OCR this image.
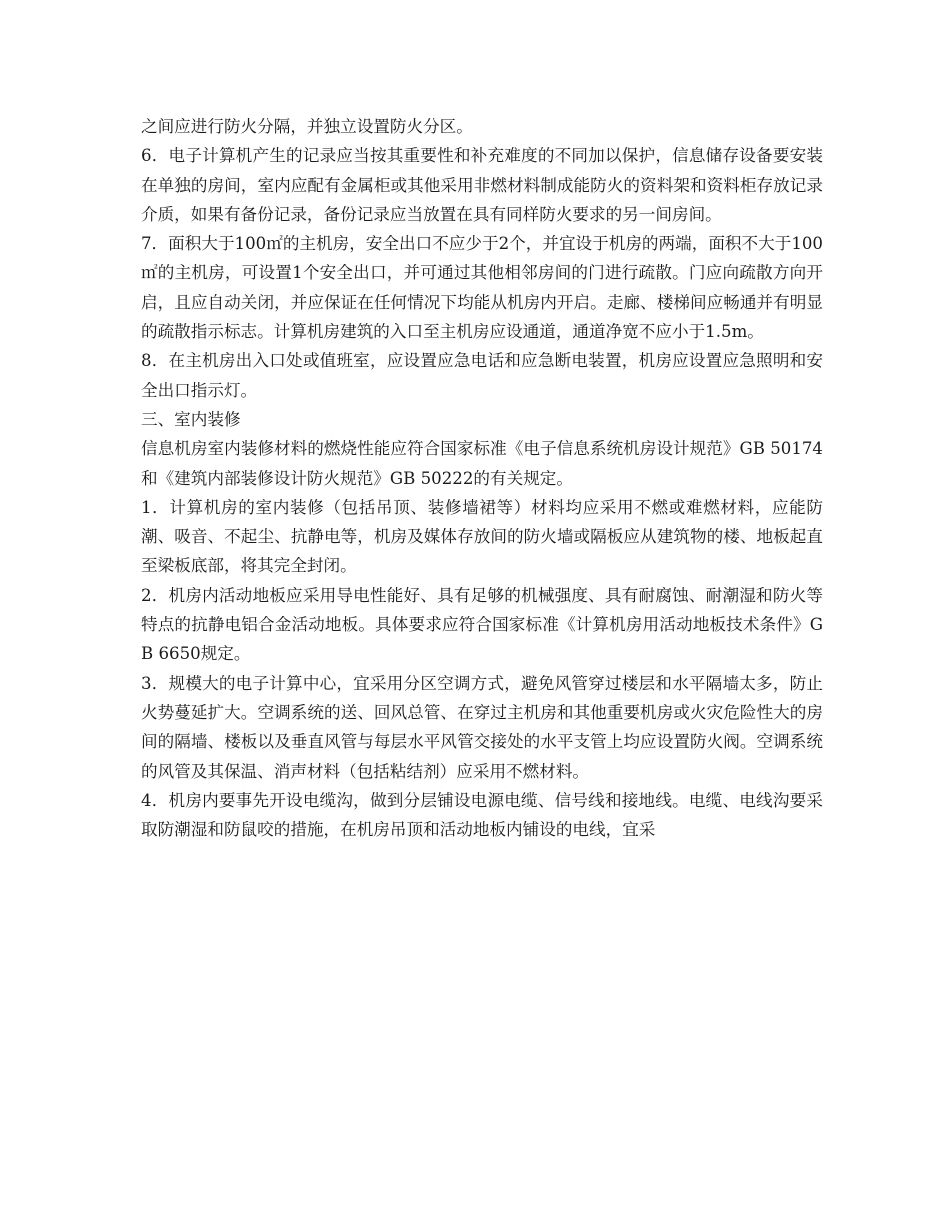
之间应进行防火分隔，并独立设置防火分区。

6．电子计算机产生的记录应当按其重要性和补充难度的不同加以保护，信息储存设备要安装在单独的房间，室内应配有金属柜或其他采用非燃材料制成能防火的资料架和资料柜存放记录介质，如果有备份记录，备份记录应当放置在具有同样防火要求的另一间房间。

7．面积大于100㎡的主机房，安全出口不应少于2个，并宜设于机房的两端，面积不大于100㎡的主机房，可设置1个安全出口，并可通过其他相邻房间的门进行疏散。门应向疏散方向开启，且应自动关闭，并应保证在任何情况下均能从机房内开启。走廊、楼梯间应畅通并有明显的疏散指示标志。计算机房建筑的入口至主机房应设通道，通道净宽不应小于1.5m。

8．在主机房出入口处或值班室，应设置应急电话和应急断电装置，机房应设置应急照明和安全出口指示灯。

三、室内装修

信息机房室内装修材料的燃烧性能应符合国家标准《电子信息系统机房设计规范》GB 50174和《建筑内部装修设计防火规范》GB 50222的有关规定。

1．计算机房的室内装修（包括吊顶、装修墙裙等）材料均应采用不燃或难燃材料，应能防潮、吸音、不起尘、抗静电等，机房及媒体存放间的防火墙或隔板应从建筑物的楼、地板起直至梁板底部，将其完全封闭。

2．机房内活动地板应采用导电性能好、具有足够的机械强度、具有耐腐蚀、耐潮湿和防火等特点的抗静电铝合金活动地板。具体要求应符合国家标准《计算机房用活动地板技术条件》GB 6650规定。

3．规模大的电子计算中心，宜采用分区空调方式，避免风管穿过楼层和水平隔墙太多，防止火势蔓延扩大。空调系统的送、回风总管、在穿过主机房和其他重要机房或火灾危险性大的房间的隔墙、楼板以及垂直风管与每层水平风管交接处的水平支管上均应设置防火阀。空调系统的风管及其保温、消声材料（包括粘结剂）应采用不燃材料。

4．机房内要事先开设电缆沟，做到分层铺设电源电缆、信号线和接地线。电缆、电线沟要采取防潮湿和防鼠咬的措施，在机房吊顶和活动地板内铺设的电线，宜采
